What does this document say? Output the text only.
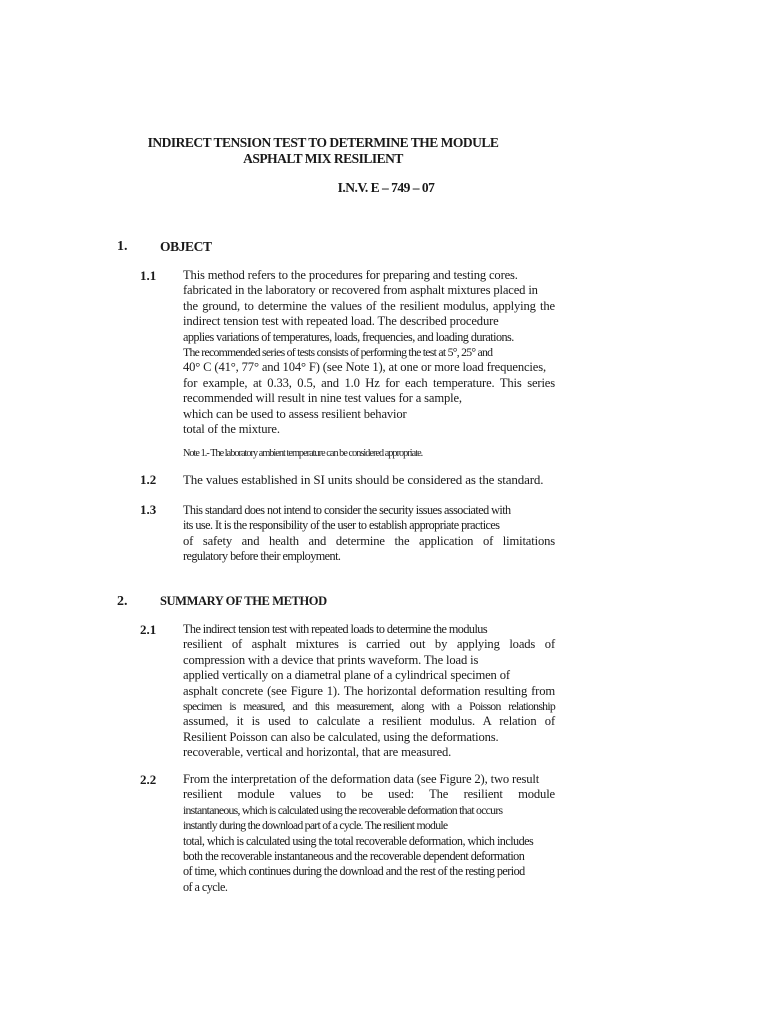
INDIRECT TENSION TEST TO DETERMINE THE MODULE
ASPHALT MIX RESILIENT
I.N.V. E – 749 – 07
1. OBJECT
1.1 This method refers to the procedures for preparing and testing cores.
fabricated in the laboratory or recovered from asphalt mixtures placed in
the ground, to determine the values of the resilient modulus, applying the
indirect tension test with repeated load. The described procedure
applies variations of temperatures, loads, frequencies, and loading durations.
The recommended series of tests consists of performing the test at 5°, 25° and
40° C (41°, 77° and 104° F) (see Note 1), at one or more load frequencies,
for example, at 0.33, 0.5, and 1.0 Hz for each temperature. This series
recommended will result in nine test values for a sample,
which can be used to assess resilient behavior
total of the mixture.
Note 1.- The laboratory ambient temperature can be considered appropriate.
1.2 The values established in SI units should be considered as the standard.
1.3 This standard does not intend to consider the security issues associated with
its use. It is the responsibility of the user to establish appropriate practices
of safety and health and determine the application of limitations
regulatory before their employment.
2.	SUMMARY OF THE METHOD
2.1 The indirect tension test with repeated loads to determine the modulus
resilient of asphalt mixtures is carried out by applying loads of
compression with a device that prints waveform. The load is
applied vertically on a diametral plane of a cylindrical specimen of
asphalt concrete (see Figure 1). The horizontal deformation resulting from
specimen is measured, and this measurement, along with a Poisson relationship
assumed, it is used to calculate a resilient modulus. A relation of
Resilient Poisson can also be calculated, using the deformations.
recoverable, vertical and horizontal, that are measured.
2.2 From the interpretation of the deformation data (see Figure 2), two result
resilient module values to be used: The resilient module
instantaneous, which is calculated using the recoverable deformation that occurs
instantly during the download part of a cycle. The resilient module
total, which is calculated using the total recoverable deformation, which includes
both the recoverable instantaneous and the recoverable dependent deformation
of time, which continues during the download and the rest of the resting period
of a cycle.
